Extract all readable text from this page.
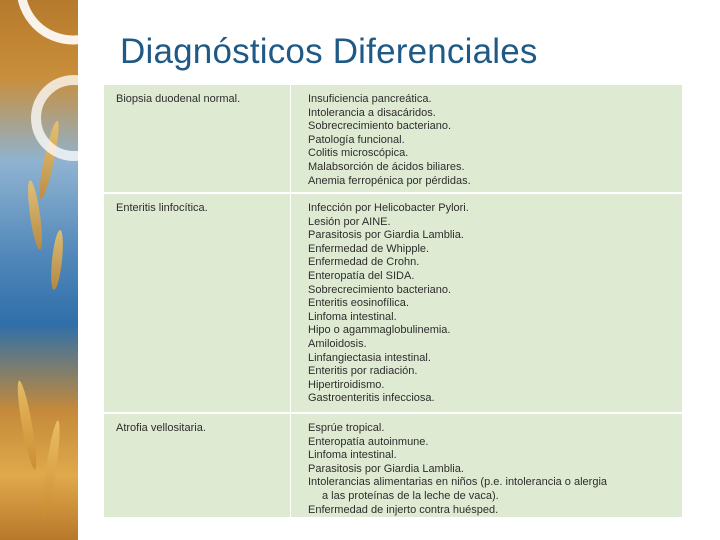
Diagnósticos Diferenciales
Biopsia duodenal normal.	Insuficiencia pancreática.
Intolerancia a disacáridos.
Sobrecrecimiento bacteriano.
Patología funcional.
Colitis microscópica.
Malabsorción de ácidos biliares.
Anemia ferropénica por pérdidas.
Enteritis linfocítica.	Infección por Helicobacter Pylori.
Lesión por AINE.
Parasitosis por Giardia Lamblia.
Enfermedad de Whipple.
Enfermedad de Crohn.
Enteropatía del SIDA.
Sobrecrecimiento bacteriano.
Enteritis eosinofílica.
Linfoma intestinal.
Hipo o agammaglobulinemia.
Amiloidosis.
Linfangiectasia intestinal.
Enteritis por radiación.
Hipertiroidismo.
Gastroenteritis infecciosa.
Atrofia vellositaria.	Esprúe tropical.
Enteropatía autoinmune.
Linfoma intestinal.
Parasitosis por Giardia Lamblia.
Intolerancias alimentarias en niños (p.e. intolerancia o alergia
a las proteínas de la leche de vaca).
Enfermedad de injerto contra huésped.
